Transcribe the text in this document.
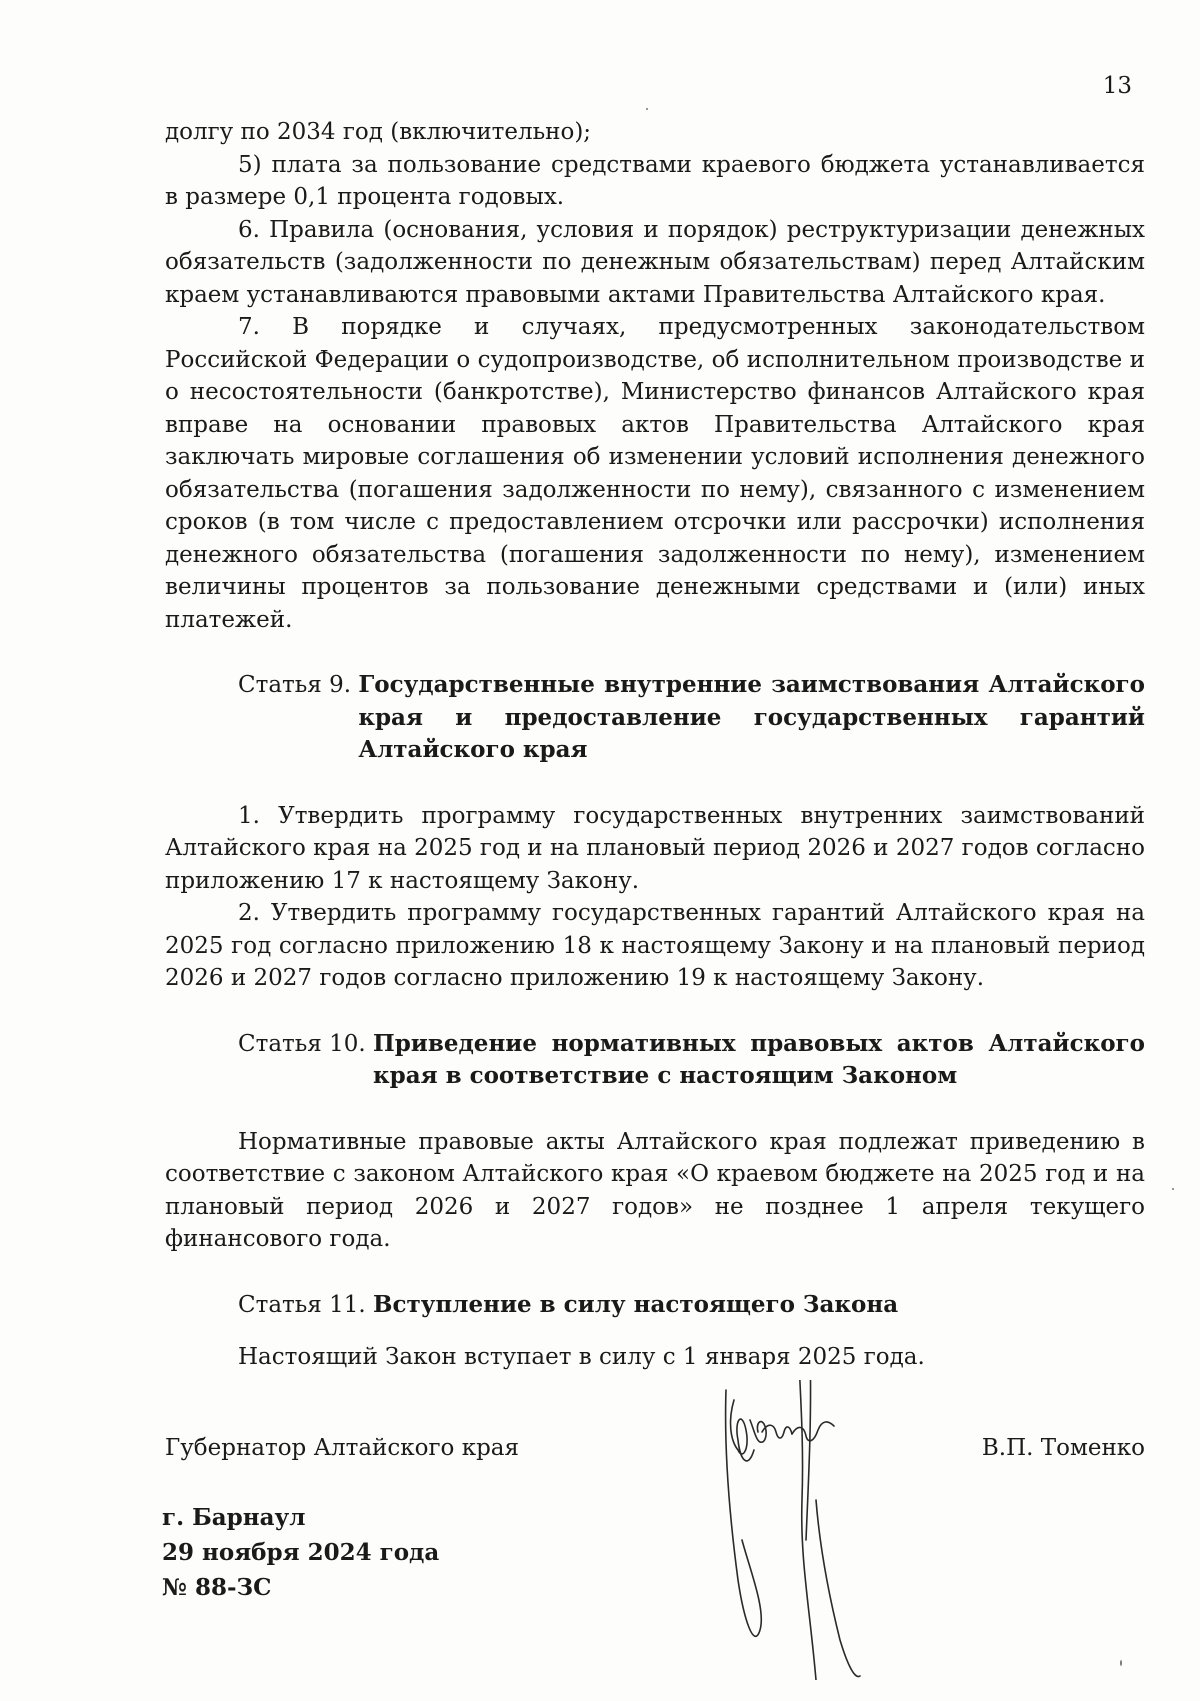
13

долгу по 2034 год (включительно);

5) плата за пользование средствами краевого бюджета устанавливается в размере 0,1 процента годовых.

6. Правила (основания, условия и порядок) реструктуризации денежных обязательств (задолженности по денежным обязательствам) перед Алтайским краем устанавливаются правовыми актами Правительства Алтайского края.

7. В порядке и случаях, предусмотренных законодательством Российской Федерации о судопроизводстве, об исполнительном производстве и о несостоятельности (банкротстве), Министерство финансов Алтайского края вправе на основании правовых актов Правительства Алтайского края заключать мировые соглашения об изменении условий исполнения денежного обязательства (погашения задолженности по нему), связанного с изменением сроков (в том числе с предоставлением отсрочки или рассрочки) исполнения денежного обязательства (погашения задолженности по нему), изменением величины процентов за пользование денежными средствами и (или) иных платежей.

Статья 9. Государственные внутренние заимствования Алтайского края и предоставление государственных гарантий Алтайского края

1. Утвердить программу государственных внутренних заимствований Алтайского края на 2025 год и на плановый период 2026 и 2027 годов согласно приложению 17 к настоящему Закону.

2. Утвердить программу государственных гарантий Алтайского края на 2025 год согласно приложению 18 к настоящему Закону и на плановый период 2026 и 2027 годов согласно приложению 19 к настоящему Закону.

Статья 10. Приведение нормативных правовых актов Алтайского края в соответствие с настоящим Законом

Нормативные правовые акты Алтайского края подлежат приведению в соответствие с законом Алтайского края «О краевом бюджете на 2025 год и на плановый период 2026 и 2027 годов» не позднее 1 апреля текущего финансового года.

Статья 11. Вступление в силу настоящего Закона

Настоящий Закон вступает в силу с 1 января 2025 года.

Губернатор Алтайского края	В.П. Томенко
г. Барнаул
29 ноября 2024 года
№ 88-ЗС
